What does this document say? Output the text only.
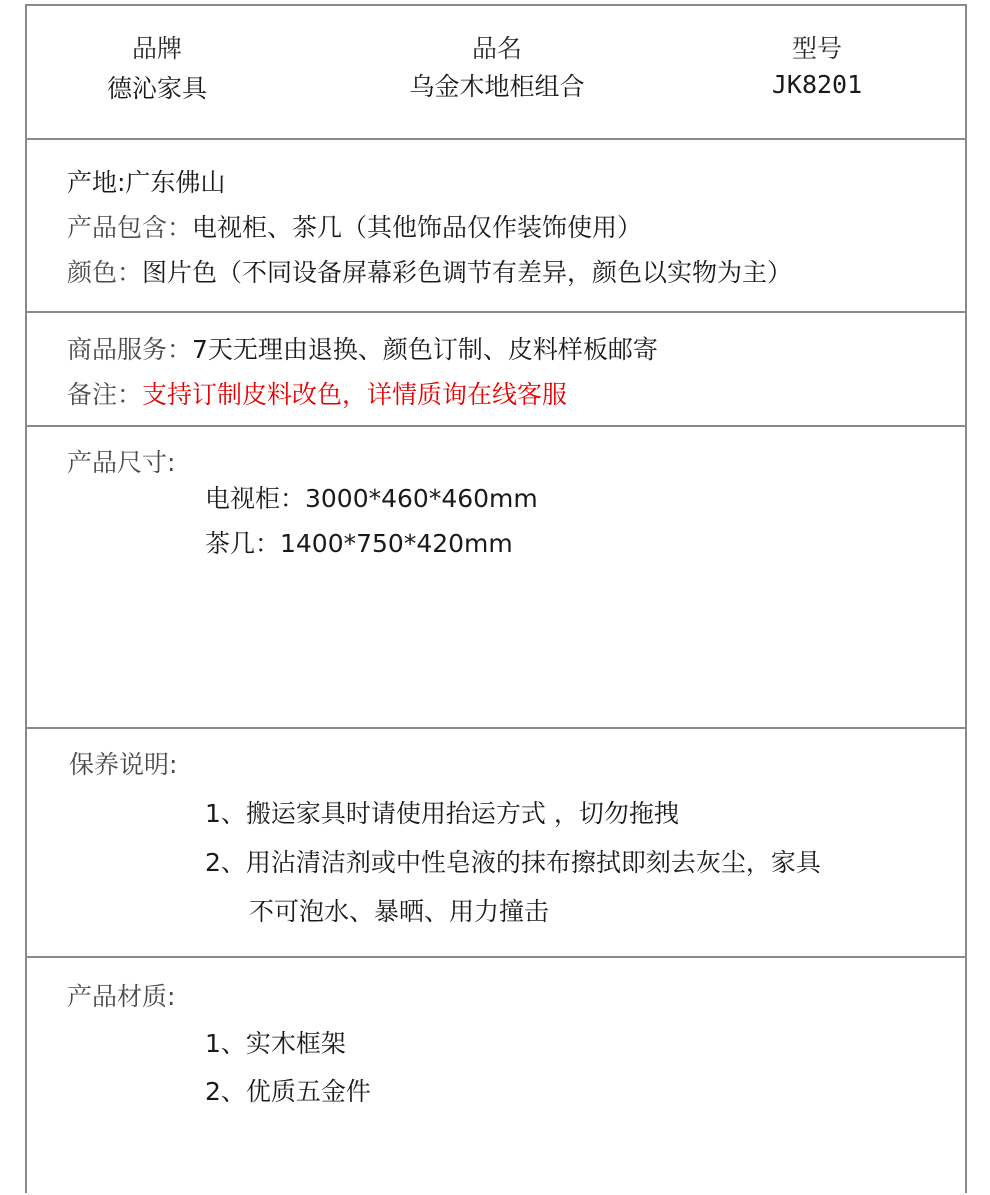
品牌
德沁家具
品名
乌金木地柜组合
型号
JK8201
产地:广东佛山
产品包含：电视柜、茶几（其他饰品仅作装饰使用）
颜色：图片色（不同设备屏幕彩色调节有差异，颜色以实物为主）
商品服务：7天无理由退换、颜色订制、皮料样板邮寄
备注：支持订制皮料改色，详情质询在线客服
产品尺寸:
电视柜：3000*460*460mm
茶几：1400*750*420mm
保养说明:
1、搬运家具时请使用抬运方式 ，切勿拖拽
2、用沾清洁剂或中性皂液的抹布擦拭即刻去灰尘，家具
不可泡水、暴晒、用力撞击
产品材质:
1、实木框架
2、优质五金件
